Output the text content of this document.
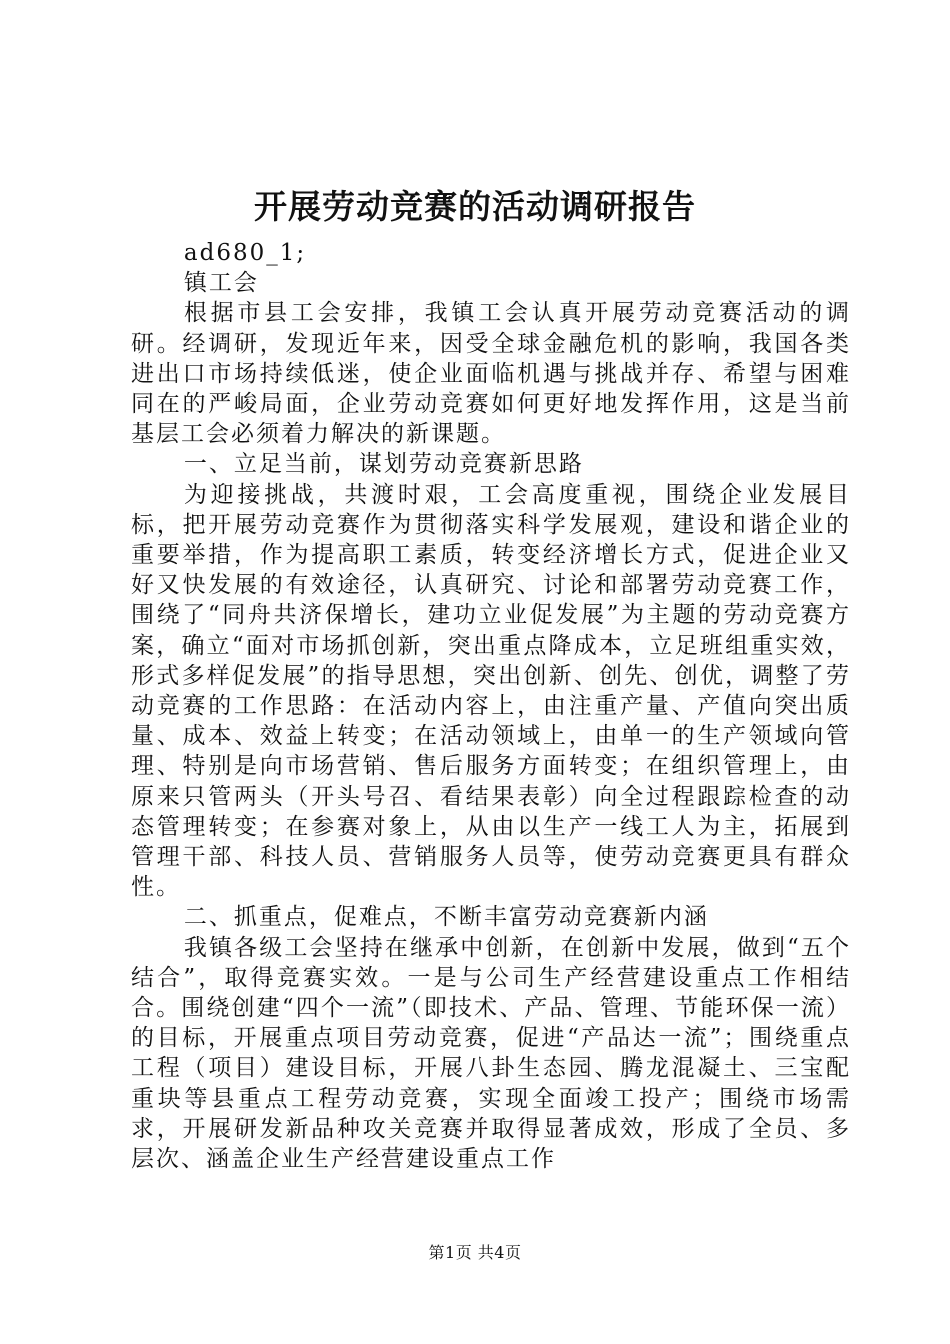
开展劳动竞赛的活动调研报告

ad680_1;

镇工会

根据市县工会安排，我镇工会认真开展劳动竞赛活动的调研。经调研，发现近年来，因受全球金融危机的影响，我国各类进出口市场持续低迷，使企业面临机遇与挑战并存、希望与困难同在的严峻局面，企业劳动竞赛如何更好地发挥作用，这是当前基层工会必须着力解决的新课题。

一、立足当前，谋划劳动竞赛新思路

为迎接挑战，共渡时艰，工会高度重视，围绕企业发展目标，把开展劳动竞赛作为贯彻落实科学发展观，建设和谐企业的重要举措，作为提高职工素质，转变经济增长方式，促进企业又好又快发展的有效途径，认真研究、讨论和部署劳动竞赛工作，围绕了“同舟共济保增长，建功立业促发展”为主题的劳动竞赛方案，确立“面对市场抓创新，突出重点降成本，立足班组重实效，形式多样促发展”的指导思想，突出创新、创先、创优，调整了劳动竞赛的工作思路：在活动内容上，由注重产量、产值向突出质量、成本、效益上转变；在活动领域上，由单一的生产领域向管理、特别是向市场营销、售后服务方面转变；在组织管理上，由原来只管两头（开头号召、看结果表彰）向全过程跟踪检查的动态管理转变；在参赛对象上，从由以生产一线工人为主，拓展到管理干部、科技人员、营销服务人员等，使劳动竞赛更具有群众性。

二、抓重点，促难点，不断丰富劳动竞赛新内涵

我镇各级工会坚持在继承中创新，在创新中发展，做到“五个结合”，取得竞赛实效。一是与公司生产经营建设重点工作相结合。围绕创建“四个一流”（即技术、产品、管理、节能环保一流）的目标，开展重点项目劳动竞赛，促进“产品达一流”；围绕重点工程（项目）建设目标，开展八卦生态园、腾龙混凝土、三宝配重块等县重点工程劳动竞赛，实现全面竣工投产；围绕市场需求，开展研发新品种攻关竞赛并取得显著成效，形成了全员、多层次、涵盖企业生产经营建设重点工作

第1页 共4页
